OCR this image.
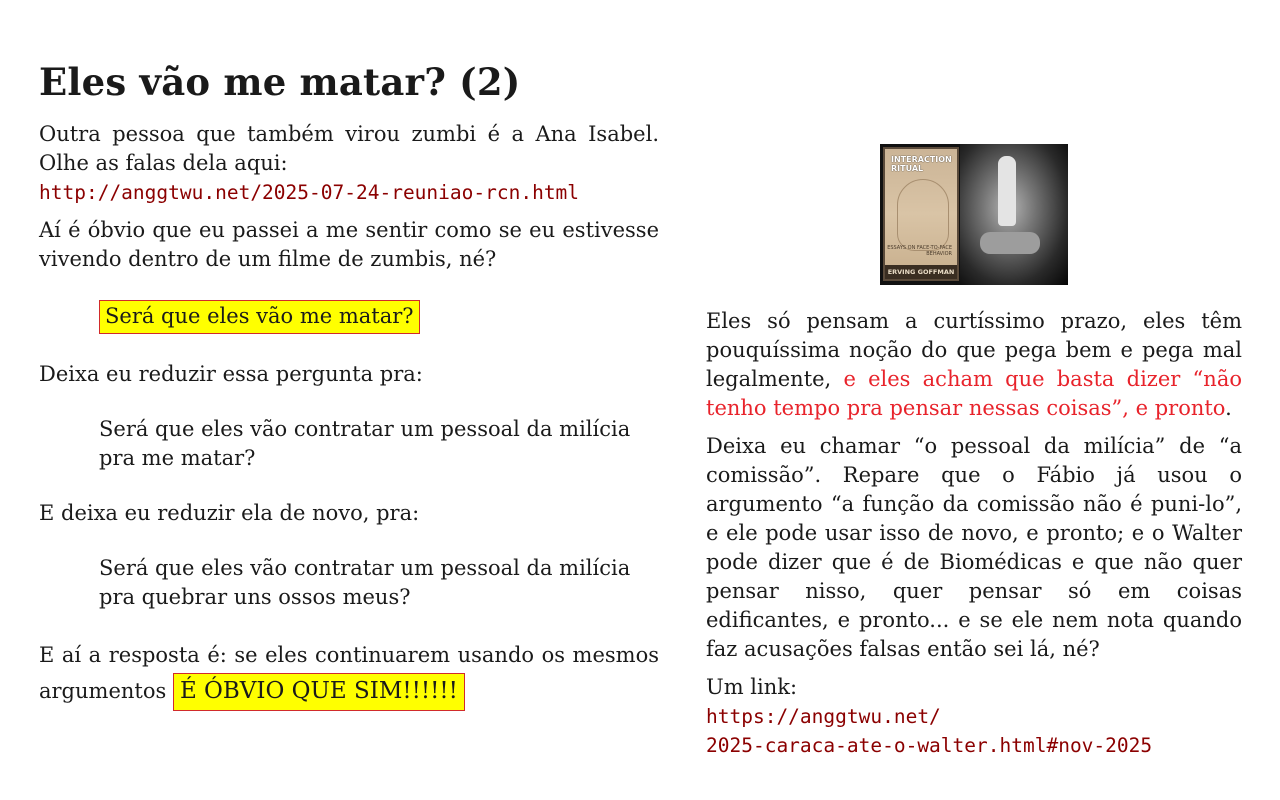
Eles vão me matar? (2)

Outra pessoa que também virou zumbi é a Ana Isabel. Olhe as falas dela aqui:
http://anggtwu.net/2025-07-24-reuniao-rcn.html

Aí é óbvio que eu passei a me sentir como se eu estivesse vivendo dentro de um filme de zumbis, né?

Será que eles vão me matar?

Deixa eu reduzir essa pergunta pra:

Será que eles vão contratar um pessoal da milícia

pra me matar?

E deixa eu reduzir ela de novo, pra:

Será que eles vão contratar um pessoal da milícia

pra quebrar uns ossos meus?

E aí a resposta é: se eles continuarem usando os mesmos argumentos É ÓBVIO QUE SIM!!!!!!

INTERACTION RITUAL
ESSAYS ON FACE-TO-FACE BEHAVIOR
ERVING GOFFMAN

Eles só pensam a curtíssimo prazo, eles têm pouquíssima noção do que pega bem e pega mal legalmente, e eles acham que basta dizer “não tenho tempo pra pensar nessas coisas”, e pronto.

Deixa eu chamar “o pessoal da milícia” de “a comissão”. Repare que o Fábio já usou o argumento “a função da comissão não é puni-lo”, e ele pode usar isso de novo, e pronto; e o Walter pode dizer que é de Biomédicas e que não quer pensar nisso, quer pensar só em coisas edificantes, e pronto... e se ele nem nota quando faz acusações falsas então sei lá, né?

Um link:
https://anggtwu.net/
2025-caraca-ate-o-walter.html#nov-2025
